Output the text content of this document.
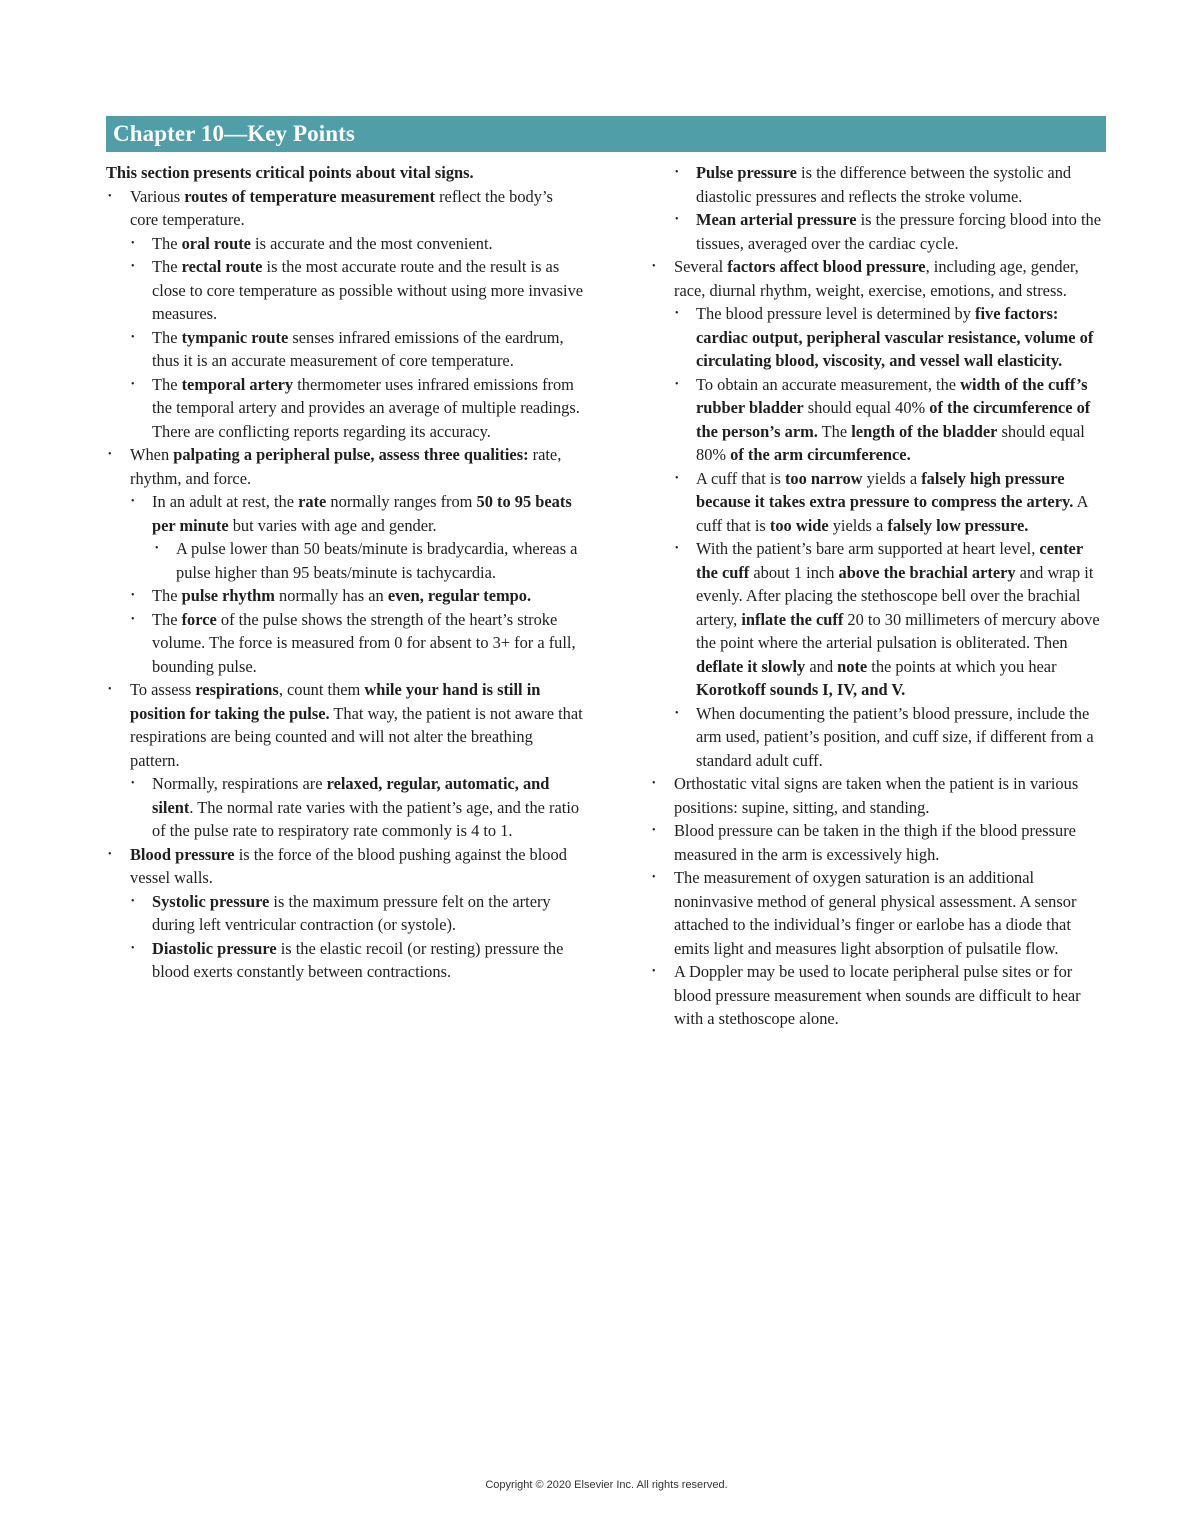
Chapter 10—Key Points
This section presents critical points about vital signs.
• Various routes of temperature measurement reflect the body’s core temperature.
• The oral route is accurate and the most convenient.
• The rectal route is the most accurate route and the result is as close to core temperature as possible without using more invasive measures.
• The tympanic route senses infrared emissions of the eardrum, thus it is an accurate measurement of core temperature.
• The temporal artery thermometer uses infrared emissions from the temporal artery and provides an average of multiple readings. There are conflicting reports regarding its accuracy.
• When palpating a peripheral pulse, assess three qualities: rate, rhythm, and force.
• In an adult at rest, the rate normally ranges from 50 to 95 beats per minute but varies with age and gender.
• A pulse lower than 50 beats/minute is bradycardia, whereas a pulse higher than 95 beats/minute is tachycardia.
• The pulse rhythm normally has an even, regular tempo.
• The force of the pulse shows the strength of the heart’s stroke volume. The force is measured from 0 for absent to 3+ for a full, bounding pulse.
• To assess respirations, count them while your hand is still in position for taking the pulse. That way, the patient is not aware that respirations are being counted and will not alter the breathing pattern.
• Normally, respirations are relaxed, regular, automatic, and silent. The normal rate varies with the patient’s age, and the ratio of the pulse rate to respiratory rate commonly is 4 to 1.
• Blood pressure is the force of the blood pushing against the blood vessel walls.
• Systolic pressure is the maximum pressure felt on the artery during left ventricular contraction (or systole).
• Diastolic pressure is the elastic recoil (or resting) pressure the blood exerts constantly between contractions.
• Pulse pressure is the difference between the systolic and diastolic pressures and reflects the stroke volume.
• Mean arterial pressure is the pressure forcing blood into the tissues, averaged over the cardiac cycle.
• Several factors affect blood pressure, including age, gender, race, diurnal rhythm, weight, exercise, emotions, and stress.
• The blood pressure level is determined by five factors: cardiac output, peripheral vascular resistance, volume of circulating blood, viscosity, and vessel wall elasticity.
• To obtain an accurate measurement, the width of the cuff’s rubber bladder should equal 40% of the circumference of the person’s arm. The length of the bladder should equal 80% of the arm circumference.
• A cuff that is too narrow yields a falsely high pressure because it takes extra pressure to compress the artery. A cuff that is too wide yields a falsely low pressure.
• With the patient’s bare arm supported at heart level, center the cuff about 1 inch above the brachial artery and wrap it evenly. After placing the stethoscope bell over the brachial artery, inflate the cuff 20 to 30 millimeters of mercury above the point where the arterial pulsation is obliterated. Then deflate it slowly and note the points at which you hear Korotkoff sounds I, IV, and V.
• When documenting the patient’s blood pressure, include the arm used, patient’s position, and cuff size, if different from a standard adult cuff.
• Orthostatic vital signs are taken when the patient is in various positions: supine, sitting, and standing.
• Blood pressure can be taken in the thigh if the blood pressure measured in the arm is excessively high.
• The measurement of oxygen saturation is an additional noninvasive method of general physical assessment. A sensor attached to the individual’s finger or earlobe has a diode that emits light and measures light absorption of pulsatile flow.
• A Doppler may be used to locate peripheral pulse sites or for blood pressure measurement when sounds are difficult to hear with a stethoscope alone.
Copyright © 2020 Elsevier Inc. All rights reserved.
